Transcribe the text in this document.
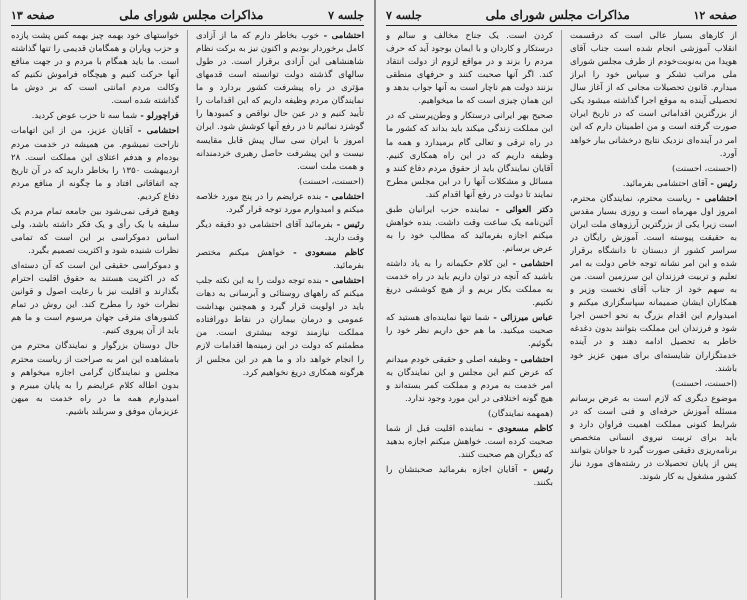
صفحه ۱۲
مذاکرات مجلس شورای ملی
جلسه ۷

از کارهای بسیار عالی است که درقسمت انقلاب آموزشی انجام شده است جناب آقای هویدا من به‌نوبت‌خودم از طرف مجلس شورای ملی مراتب تشکر و سپاس خود را ابراز میدارم. قانون تحصیلات مجانی که از آغاز سال تحصیلی آینده به موقع اجرا گذاشته میشود یکی از بزرگترین اقداماتی است که در تاریخ ایران صورت گرفته است و من اطمینان دارم که این امر در آینده‌ای نزدیک نتایج درخشانی ببار خواهد آورد.

(احسنت، احسنت)

رئیس - آقای احتشامی بفرمائید.

احتشامی - ریاست محترم، نمایندگان محترم، امروز اول مهرماه است و روزی بسیار مقدس است زیرا یکی از بزرگترین آرزوهای ملت ایران به حقیقت پیوسته است. آموزش رایگان در سراسر کشور از دبستان تا دانشگاه برقرار شده و این امر نشانه توجه خاص دولت به امر تعلیم و تربیت فرزندان این سرزمین است. من به سهم خود از جناب آقای نخست وزیر و همکاران ایشان صمیمانه سپاسگزاری میکنم و امیدوارم این اقدام بزرگ به نحو احسن اجرا شود و فرزندان این مملکت بتوانند بدون دغدغه خاطر به تحصیل ادامه دهند و در آینده خدمتگزاران شایسته‌ای برای میهن عزیز خود باشند.

(احسنت، احسنت)

موضوع دیگری که لازم است به عرض برسانم مسئله آموزش حرفه‌ای و فنی است که در شرایط کنونی مملکت اهمیت فراوان دارد و باید برای تربیت نیروی انسانی متخصص برنامه‌ریزی دقیقی صورت گیرد تا جوانان بتوانند پس از پایان تحصیلات در رشته‌های مورد نیاز کشور مشغول به کار شوند.

کردن است. یک جناح مخالف و سالم و درستکار و کاردان و با ایمان بوجود آید که حرف مردم را بزند و در مواقع لزوم از دولت انتقاد کند. اگر آنها صحبت کنند و حرفهای منطقی بزنند دولت هم ناچار است به آنها جواب بدهد و این همان چیزی است که ما میخواهیم.

صحیح بهر ایرانی درستکار و وطن‌پرستی که در این مملکت زندگی میکند باید بداند که کشور ما در راه ترقی و تعالی گام برمیدارد و همه ما وظیفه داریم که در این راه همکاری کنیم. آقایان نمایندگان باید از حقوق مردم دفاع کنند و مسائل و مشکلات آنها را در این مجلس مطرح نمایند تا دولت در رفع آنها اقدام کند.

دکتر العوائی - نماینده حزب ایرانیان طبق آئین‌نامه یک ساعت وقت داشت. بنده خواهش میکنم اجازه بفرمائید که مطالب خود را به عرض برسانم.

احتشامی - این کلام حکیمانه را به یاد داشته باشید که آنچه در توان داریم باید در راه خدمت به مملکت بکار بریم و از هیچ کوششی دریغ نکنیم.

عباس میرزائی - شما تنها نماینده‌ای هستید که صحبت میکنید. ما هم حق داریم نظر خود را بگوئیم.

احتشامی - وظیفه اصلی و حقیقی خودم میدانم که عرض کنم این مجلس و این نمایندگان به امر خدمت به مردم و مملکت کمر بسته‌اند و هیچ گونه اختلافی در این مورد وجود ندارد.

(همهمه نمایندگان)

کاظم مسعودی - نماینده اقلیت قبل از شما صحبت کرده است. خواهش میکنم اجازه بدهید که دیگران هم صحبت کنند.

رئیس - آقایان اجازه بفرمائید صحبتشان را بکنند.

جلسه ۷
مذاکرات مجلس شورای ملی
صفحه ۱۳

احتشامی - خوب بخاطر دارم که ما از آزادی کامل برخوردار بودیم و اکنون نیز به برکت نظام شاهنشاهی این آزادی برقرار است. در طول سالهای گذشته دولت توانسته است قدمهای مؤثری در راه پیشرفت کشور بردارد و ما نمایندگان مردم وظیفه داریم که این اقدامات را تأیید کنیم و در عین حال نواقص و کمبودها را گوشزد نمائیم تا در رفع آنها کوشش شود. ایران امروز با ایران سی سال پیش قابل مقایسه نیست و این پیشرفت حاصل رهبری خردمندانه و همت ملت است.

(احسنت، احسنت)

احتشامی - بنده عرایضم را در پنج مورد خلاصه میکنم و امیدوارم مورد توجه قرار گیرد.

رئیس - بفرمائید آقای احتشامی دو دقیقه دیگر وقت دارید.

کاظم مسعودی - خواهش میکنم مختصر بفرمائید.

احتشامی - بنده توجه دولت را به این نکته جلب میکنم که راههای روستائی و آبرسانی به دهات باید در اولویت قرار گیرد و همچنین بهداشت عمومی و درمان بیماران در نقاط دورافتاده مملکت نیازمند توجه بیشتری است. من مطمئنم که دولت در این زمینه‌ها اقدامات لازم را انجام خواهد داد و ما هم در این مجلس از هرگونه همکاری دریغ نخواهیم کرد.

خواستهای خود بهمه چیز بهمه کس پشت پازده و حزب ویاران و همگامان قدیمی را تنها گذاشته است. ما باید همگام با مردم و در جهت منافع آنها حرکت کنیم و هیچگاه فراموش نکنیم که وکالت مردم امانتی است که بر دوش ما گذاشته شده است.

فراچورلو - شما سه تا حزب عوض کردید.

احتشامی - آقایان عزیز، من از این اتهامات ناراحت نمیشوم. من همیشه در خدمت مردم بوده‌ام و هدفم اعتلای این مملکت است. ۲۸ اردیبهشت ۱۳۵۰ را بخاطر دارید که در آن تاریخ چه اتفاقاتی افتاد و ما چگونه از منافع مردم دفاع کردیم.

وهیچ فرقی نمی‌شود بین جامعه تمام مردم یک سلیقه یا یک رأی و یک فکر داشته باشد، ولی اساس دموکراسی بر این است که تمامی نظرات شنیده شود و اکثریت تصمیم بگیرد.

و دموکراسی حقیقی این است که آن دسته‌ای که در اکثریت هستند به حقوق اقلیت احترام بگذارند و اقلیت نیز با رعایت اصول و قوانین نظرات خود را مطرح کند. این روش در تمام کشورهای مترقی جهان مرسوم است و ما هم باید از آن پیروی کنیم.

حال دوستان بزرگوار و نمایندگان محترم من بامشاهده این امر به صراحت از ریاست محترم مجلس و نمایندگان گرامی اجازه میخواهم و بدون اطاله کلام عرایضم را به پایان میبرم و امیدوارم همه ما در راه خدمت به میهن عزیزمان موفق و سربلند باشیم.
